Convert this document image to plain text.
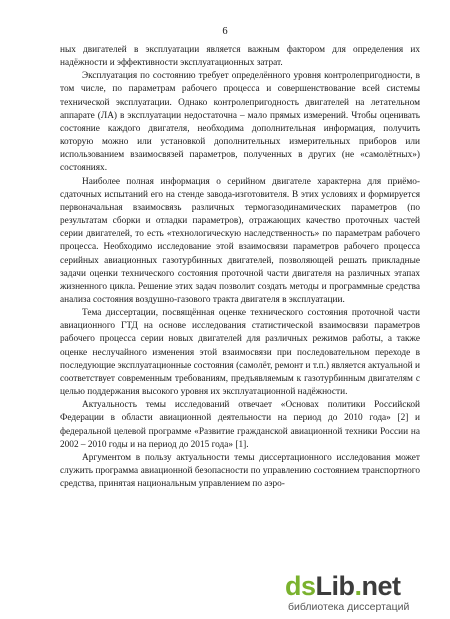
6

ных двигателей в эксплуатации является важным фактором для определения их надёжности и эффективности эксплуатационных затрат.

Эксплуатация по состоянию требует определённого уровня контролепригодности, в том числе, по параметрам рабочего процесса и совершенствование всей системы технической эксплуатации. Однако контролепригодность двигателей на летательном аппарате (ЛА) в эксплуатации недостаточна – мало прямых измерений. Чтобы оценивать состояние каждого двигателя, необходима дополнительная информация, получить которую можно или установкой дополнительных измерительных приборов или использованием взаимосвязей параметров, полученных в других (не «самолётных») состояниях.

Наиболее полная информация о серийном двигателе характерна для приёмо-сдаточных испытаний его на стенде завода-изготовителя. В этих условиях и формируется первоначальная взаимосвязь различных термогазодинамических параметров (по результатам сборки и отладки параметров), отражающих качество проточных частей серии двигателей, то есть «технологическую наследственность» по параметрам рабочего процесса. Необходимо исследование этой взаимосвязи параметров рабочего процесса серийных авиационных газотурбинных двигателей, позволяющей решать прикладные задачи оценки технического состояния проточной части двигателя на различных этапах жизненного цикла. Решение этих задач позволит создать методы и программные средства анализа состояния воздушно-газового тракта двигателя в эксплуатации.

Тема диссертации, посвящённая оценке технического состояния проточной части авиационного ГТД на основе исследования статистической взаимосвязи параметров рабочего процесса серии новых двигателей для различных режимов работы, а также оценке неслучайного изменения этой взаимосвязи при последовательном переходе в последующие эксплуатационные состояния (самолёт, ремонт и т.п.) является актуальной и соответствует современным требованиям, предъявляемым к газотурбинным двигателям с целью поддержания высокого уровня их эксплуатационной надёжности.

Актуальность темы исследований отвечает «Основах политики Российской Федерации в области авиационной деятельности на период до 2010 года» [2] и федеральной целевой программе «Развитие гражданской авиационной техники России на 2002 – 2010 годы и на период до 2015 года» [1].

Аргументом в пользу актуальности темы диссертационного исследования может служить программа авиационной безопасности по управлению состоянием транспортного средства, принятая национальным управлением по аэро-

dsLib.net
библиотека диссертаций
